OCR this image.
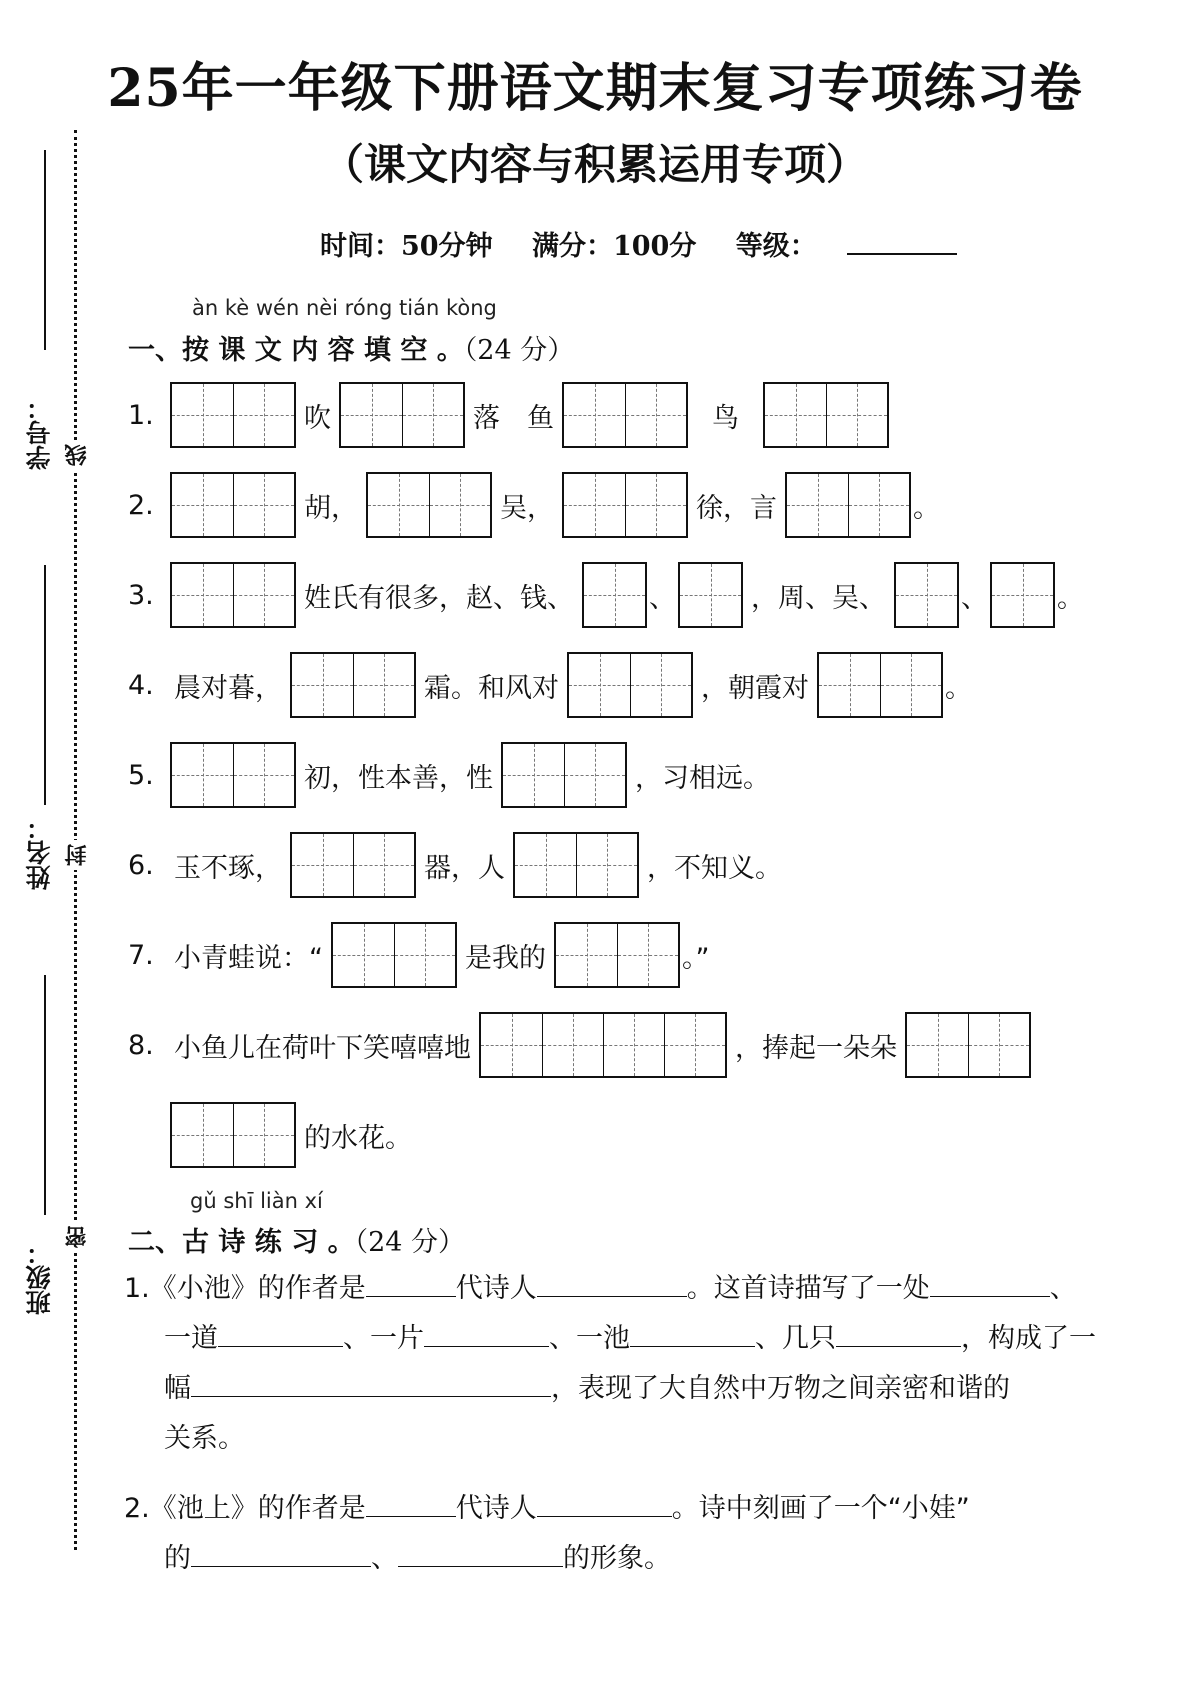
25年一年级下册语文期末复习专项练习卷
（课文内容与积累运用专项）
时间：50分钟 满分：100分 等级：
学号：
姓名：
班级：
线
封
密
àn kè wén nèi róng tián kòng
一、按 课 文 内 容 填 空 。（24 分）
1.	吹	落　鱼	鸟
2.	胡，	吴，	徐，言	。
3.	姓氏有很多，赵、钱、	、	，周、吴、	、	。
4. 晨对暮，	霜。和风对	，朝霞对	。
5.	初，性本善，性	，习相远。
6. 玉不琢，	器，人	，不知义。
7. 小青蛙说：“	是我的	。”
8. 小鱼儿在荷叶下笑嘻嘻地	，捧起一朵朵
的水花。
gǔ shī liàn xí
二、古 诗 练 习 。（24 分）
1.《小池》的作者是	代诗人	。这首诗描写了一处	、
一道	、一片	、一池	、几只	，构成了一
幅	，表现了大自然中万物之间亲密和谐的
关系。
2.《池上》的作者是	代诗人	。诗中刻画了一个“小娃”
的	、	的形象。
